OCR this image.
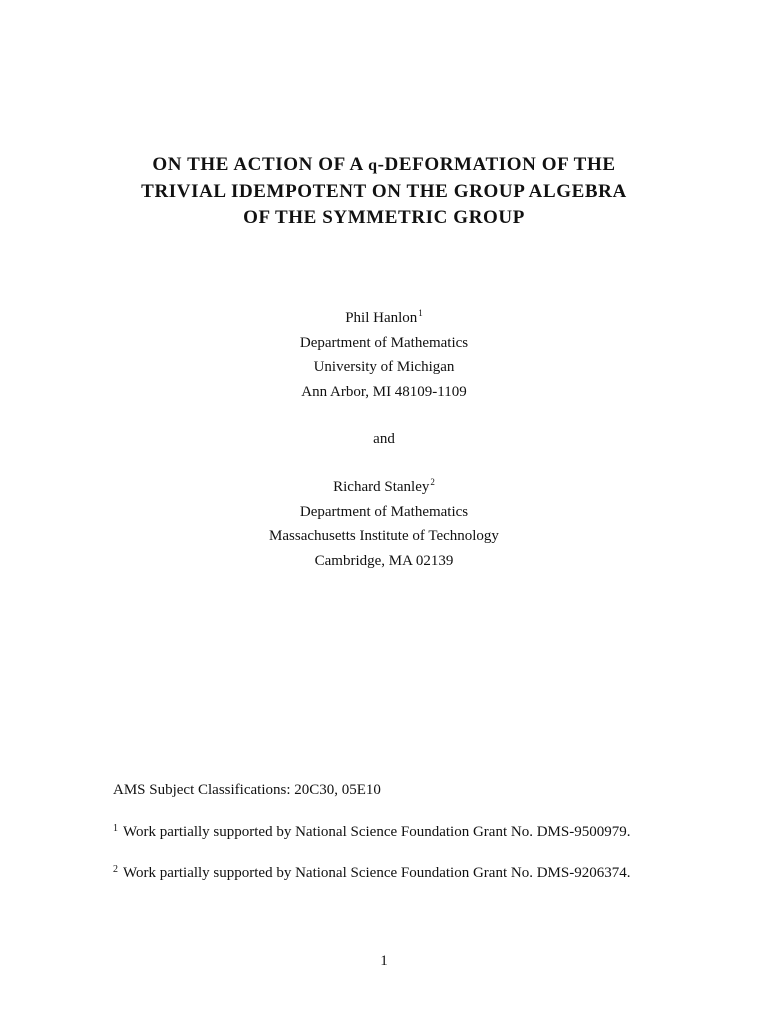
ON THE ACTION OF A q-DEFORMATION OF THE
TRIVIAL IDEMPOTENT ON THE GROUP ALGEBRA
OF THE SYMMETRIC GROUP
Phil Hanlon$^1$
Department of Mathematics
University of Michigan
Ann Arbor, MI 48109-1109
and
Richard Stanley$^2$
Department of Mathematics
Massachusetts Institute of Technology
Cambridge, MA 02139
AMS Subject Classifications: 20C30, 05E10
$^1$ Work partially supported by National Science Foundation Grant No. DMS-9500979.
$^2$ Work partially supported by National Science Foundation Grant No. DMS-9206374.
1
